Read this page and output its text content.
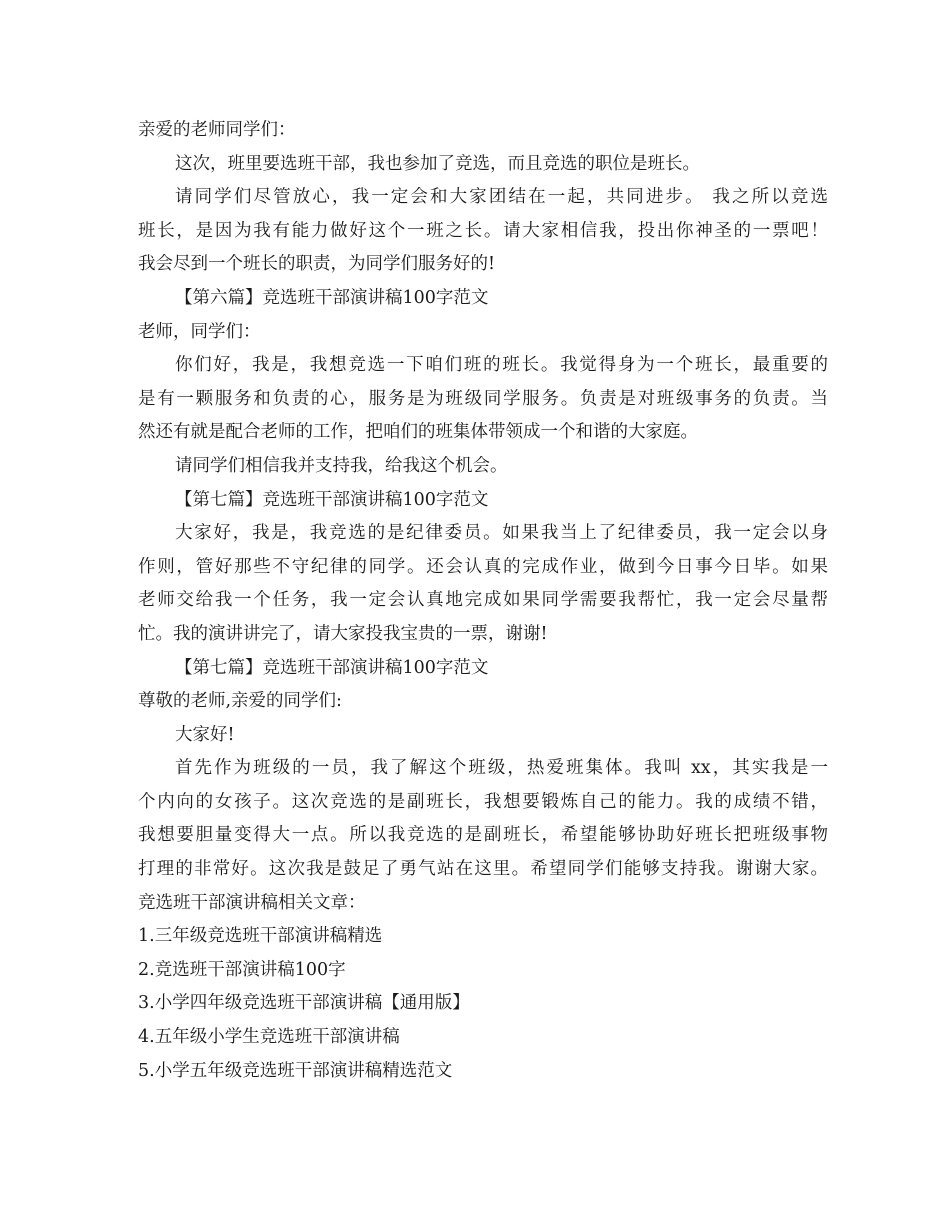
亲爱的老师同学们：
这次，班里要选班干部，我也参加了竞选，而且竞选的职位是班长。
请同学们尽管放心，我一定会和大家团结在一起，共同进步。 我之所以竞选
班长，是因为我有能力做好这个一班之长。请大家相信我，投出你神圣的一票吧！
我会尽到一个班长的职责，为同学们服务好的!
【第六篇】竞选班干部演讲稿100字范文
老师，同学们：
你们好，我是，我想竞选一下咱们班的班长。我觉得身为一个班长，最重要的
是有一颗服务和负责的心，服务是为班级同学服务。负责是对班级事务的负责。当
然还有就是配合老师的工作，把咱们的班集体带领成一个和谐的大家庭。
请同学们相信我并支持我，给我这个机会。
【第七篇】竞选班干部演讲稿100字范文
大家好，我是，我竞选的是纪律委员。如果我当上了纪律委员，我一定会以身
作则，管好那些不守纪律的同学。还会认真的完成作业，做到今日事今日毕。如果
老师交给我一个任务，我一定会认真地完成如果同学需要我帮忙，我一定会尽量帮
忙。我的演讲讲完了，请大家投我宝贵的一票，谢谢!
【第七篇】竞选班干部演讲稿100字范文
尊敬的老师,亲爱的同学们:
大家好!
首先作为班级的一员，我了解这个班级，热爱班集体。我叫 xx，其实我是一
个内向的女孩子。这次竞选的是副班长，我想要锻炼自己的能力。我的成绩不错，
我想要胆量变得大一点。所以我竞选的是副班长，希望能够协助好班长把班级事物
打理的非常好。这次我是鼓足了勇气站在这里。希望同学们能够支持我。谢谢大家。
竞选班干部演讲稿相关文章：
1.三年级竞选班干部演讲稿精选
2.竞选班干部演讲稿100字
3.小学四年级竞选班干部演讲稿【通用版】
4.五年级小学生竞选班干部演讲稿
5.小学五年级竞选班干部演讲稿精选范文
